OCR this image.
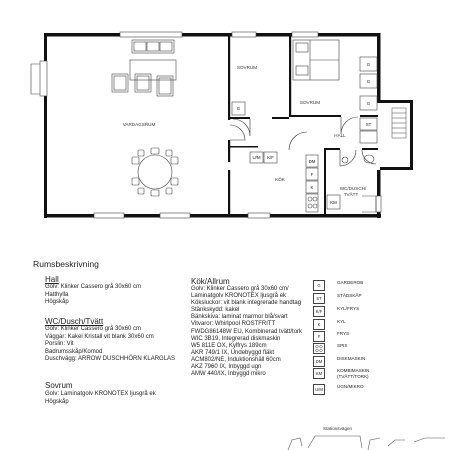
SOVRUM
SOVRUM
VARDAGSRUM
HALL
KÖK
WC/DUSCH/
TVÄTT
G
G
G
G
ST
U/M K/F
DM
F
K
KM
Stationsvägen
Rumsbeskrivning
Hall
Golv: Klinker Cassero grå 30x60 cm
Hatthylla
Högskåp
WC/Dusch/Tvätt
Golv: Klinker Cassero grå 30x60 cm
Väggar: Kakel Kristall vit blank 30x60 cm
Porslin: Vit
Badrumsskåp/Komod
Duschvägg: ARROW DUSCHHÖRN KLARGLAS
Sovrum
Golv: Laminatgolv KRONOTEX ljusgrå ek
Högskåp
Kök/Allrum
Golv: Klinker Cassero grå 30x60 cm/
Laminatgolv KRONOTEX ljusgrå ek
Köksluckor: vit blank integrerade handtag
Stänkskydd: kakel
Bänkskiva: laminat marmor blå/svart
Vitvaror: Whirlpool ROSTFRITT
FWDG86148W EU, Kombinerad tvätt/tork
WIC 3B19, Integrerad diskmaskin
W5 811E OX, Kylfrys 189cm
AKR 749/1 IX, Undebyggd fläkt
ACM802/NE, Induktionshäll 60cm
AKZ 7960 IX, Inbyggd ugn
AMW 440/IX, Inbyggd mikro
G
GARDEROB
ST
STÄDSKÅP
K/F
KYL/FRYS
K
KYL
F
FRYS
SPIS
DM
DISKMASKIN
KM
KOMBIMASKIN
(TVÄTT/TORK)
U/M
UGN/MIKRO
